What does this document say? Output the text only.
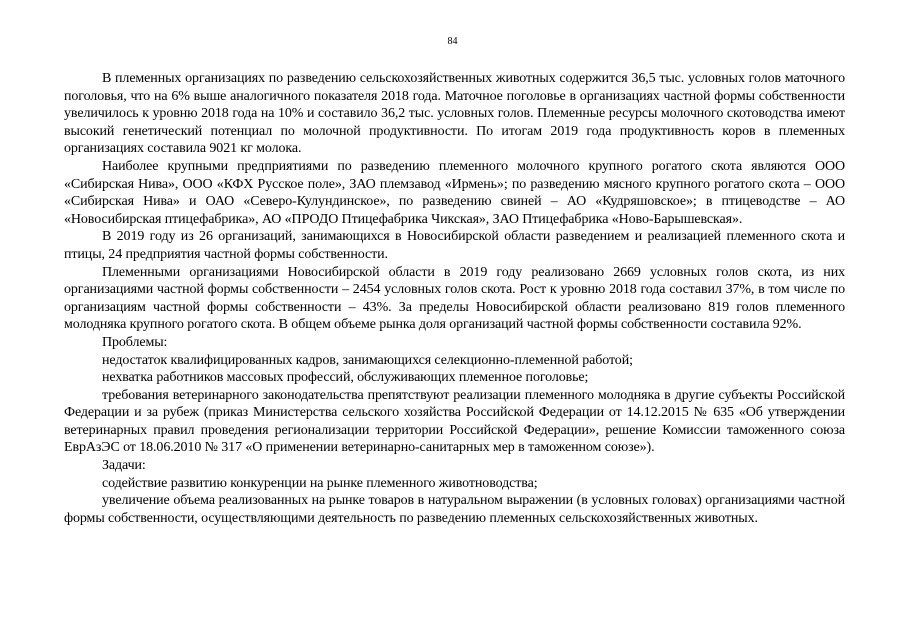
84

В племенных организациях по разведению сельскохозяйственных животных содержится 36,5 тыс. условных голов маточного поголовья, что на 6% выше аналогичного показателя 2018 года. Маточное поголовье в организациях частной формы собственности увеличилось к уровню 2018 года на 10% и составило 36,2 тыс. условных голов. Племенные ресурсы молочного скотоводства имеют высокий генетический потенциал по молочной продуктивности. По итогам 2019 года продуктивность коров в племенных организациях составила 9021 кг молока.

Наиболее крупными предприятиями по разведению племенного молочного крупного рогатого скота являются ООО «Сибирская Нива», ООО «КФХ Русское поле», ЗАО племзавод «Ирмень»; по разведению мясного крупного рогатого скота – ООО «Сибирская Нива» и ОАО «Северо-Кулундинское», по разведению свиней – АО «Кудряшовское»; в птицеводстве – АО «Новосибирская птицефабрика», АО «ПРОДО Птицефабрика Чикская», ЗАО Птицефабрика «Ново-Барышевская».

В 2019 году из 26 организаций, занимающихся в Новосибирской области разведением и реализацией племенного скота и птицы, 24 предприятия частной формы собственности.

Племенными организациями Новосибирской области в 2019 году реализовано 2669 условных голов скота, из них организациями частной формы собственности – 2454 условных голов скота. Рост к уровню 2018 года составил 37%, в том числе по организациям частной формы собственности – 43%. За пределы Новосибирской области реализовано 819 голов племенного молодняка крупного рогатого скота. В общем объеме рынка доля организаций частной формы собственности составила 92%.

Проблемы:

недостаток квалифицированных кадров, занимающихся селекционно-племенной работой;

нехватка работников массовых профессий, обслуживающих племенное поголовье;

требования ветеринарного законодательства препятствуют реализации племенного молодняка в другие субъекты Российской Федерации и за рубеж (приказ Министерства сельского хозяйства Российской Федерации от 14.12.2015 № 635 «Об утверждении ветеринарных правил проведения регионализации территории Российской Федерации», решение Комиссии таможенного союза ЕврАзЭС от 18.06.2010 № 317 «О применении ветеринарно-санитарных мер в таможенном союзе»).

Задачи:

содействие развитию конкуренции на рынке племенного животноводства;

увеличение объема реализованных на рынке товаров в натуральном выражении (в условных головах) организациями частной формы собственности, осуществляющими деятельность по разведению племенных сельскохозяйственных животных.
